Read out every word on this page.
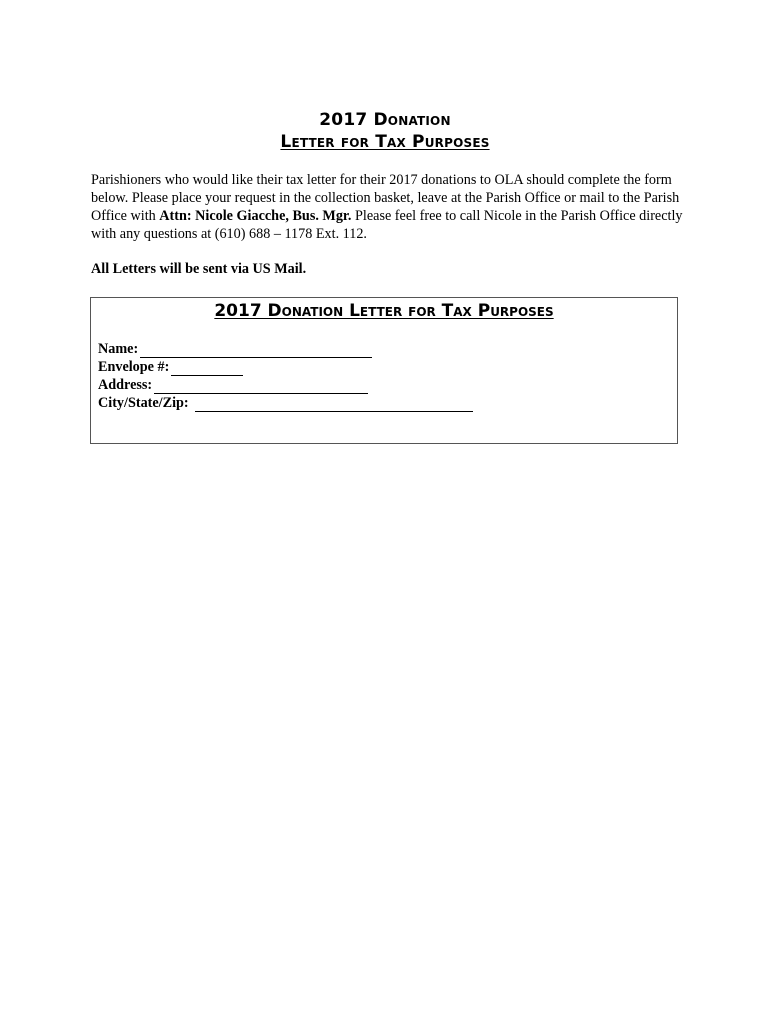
2017 Donation
Letter for Tax Purposes

Parishioners who would like their tax letter for their 2017 donations to OLA should complete the form below. Please place your request in the collection basket, leave at the Parish Office or mail to the Parish Office with Attn: Nicole Giacche, Bus. Mgr. Please feel free to call Nicole in the Parish Office directly with any questions at (610) 688 – 1178 Ext. 112.

All Letters will be sent via US Mail.

2017 Donation Letter for Tax Purposes
Name:
Envelope #:
Address:
City/State/Zip:
